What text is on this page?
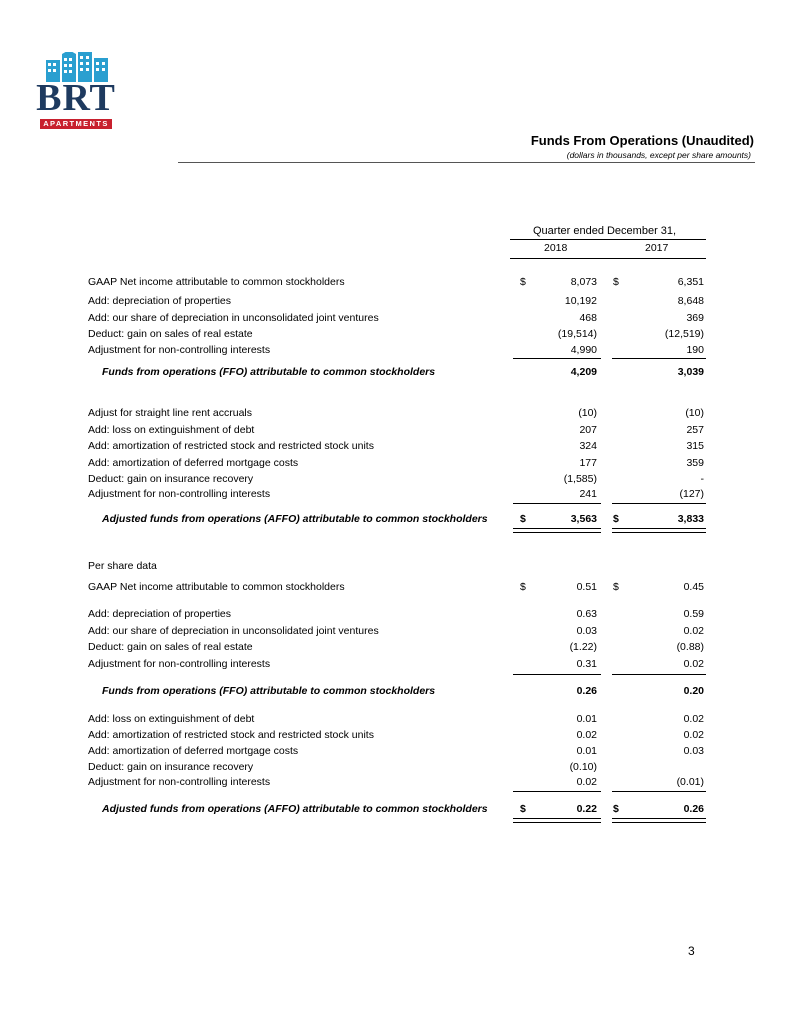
BRT
APARTMENTS
Funds From Operations (Unaudited)
(dollars in thousands, except per share amounts)
Quarter ended December 31,
2018	2017
GAAP Net income attributable to common stockholders	$	8,073 $	6,351
Add: depreciation of properties	10,192	8,648
Add: our share of depreciation in unconsolidated joint ventures	468	369
Deduct: gain on sales of real estate	(19,514)	(12,519)
Adjustment for non-controlling interests	4,990	190
Funds from operations (FFO) attributable to common stockholders	4,209	3,039
Adjust for straight line rent accruals	(10)	(10)
Add: loss on extinguishment of debt	207	257
Add: amortization of restricted stock and restricted stock units	324	315
Add: amortization of deferred mortgage costs	177	359
Deduct: gain on insurance recovery	(1,585)	-
Adjustment for non-controlling interests	241	(127)
Adjusted funds from operations (AFFO) attributable to common stockholders	$	3,563 $	3,833
Per share data
GAAP Net income attributable to common stockholders	$	0.51 $	0.45
Add: depreciation of properties	0.63	0.59
Add: our share of depreciation in unconsolidated joint ventures	0.03	0.02
Deduct: gain on sales of real estate	(1.22)	(0.88)
Adjustment for non-controlling interests	0.31	0.02
Funds from operations (FFO) attributable to common stockholders	0.26	0.20
Add: loss on extinguishment of debt	0.01	0.02
Add: amortization of restricted stock and restricted stock units	0.02	0.02
Add: amortization of deferred mortgage costs	0.01	0.03
Deduct: gain on insurance recovery	(0.10)
Adjustment for non-controlling interests	0.02	(0.01)
Adjusted funds from operations (AFFO) attributable to common stockholders	$	0.22 $	0.26
3
